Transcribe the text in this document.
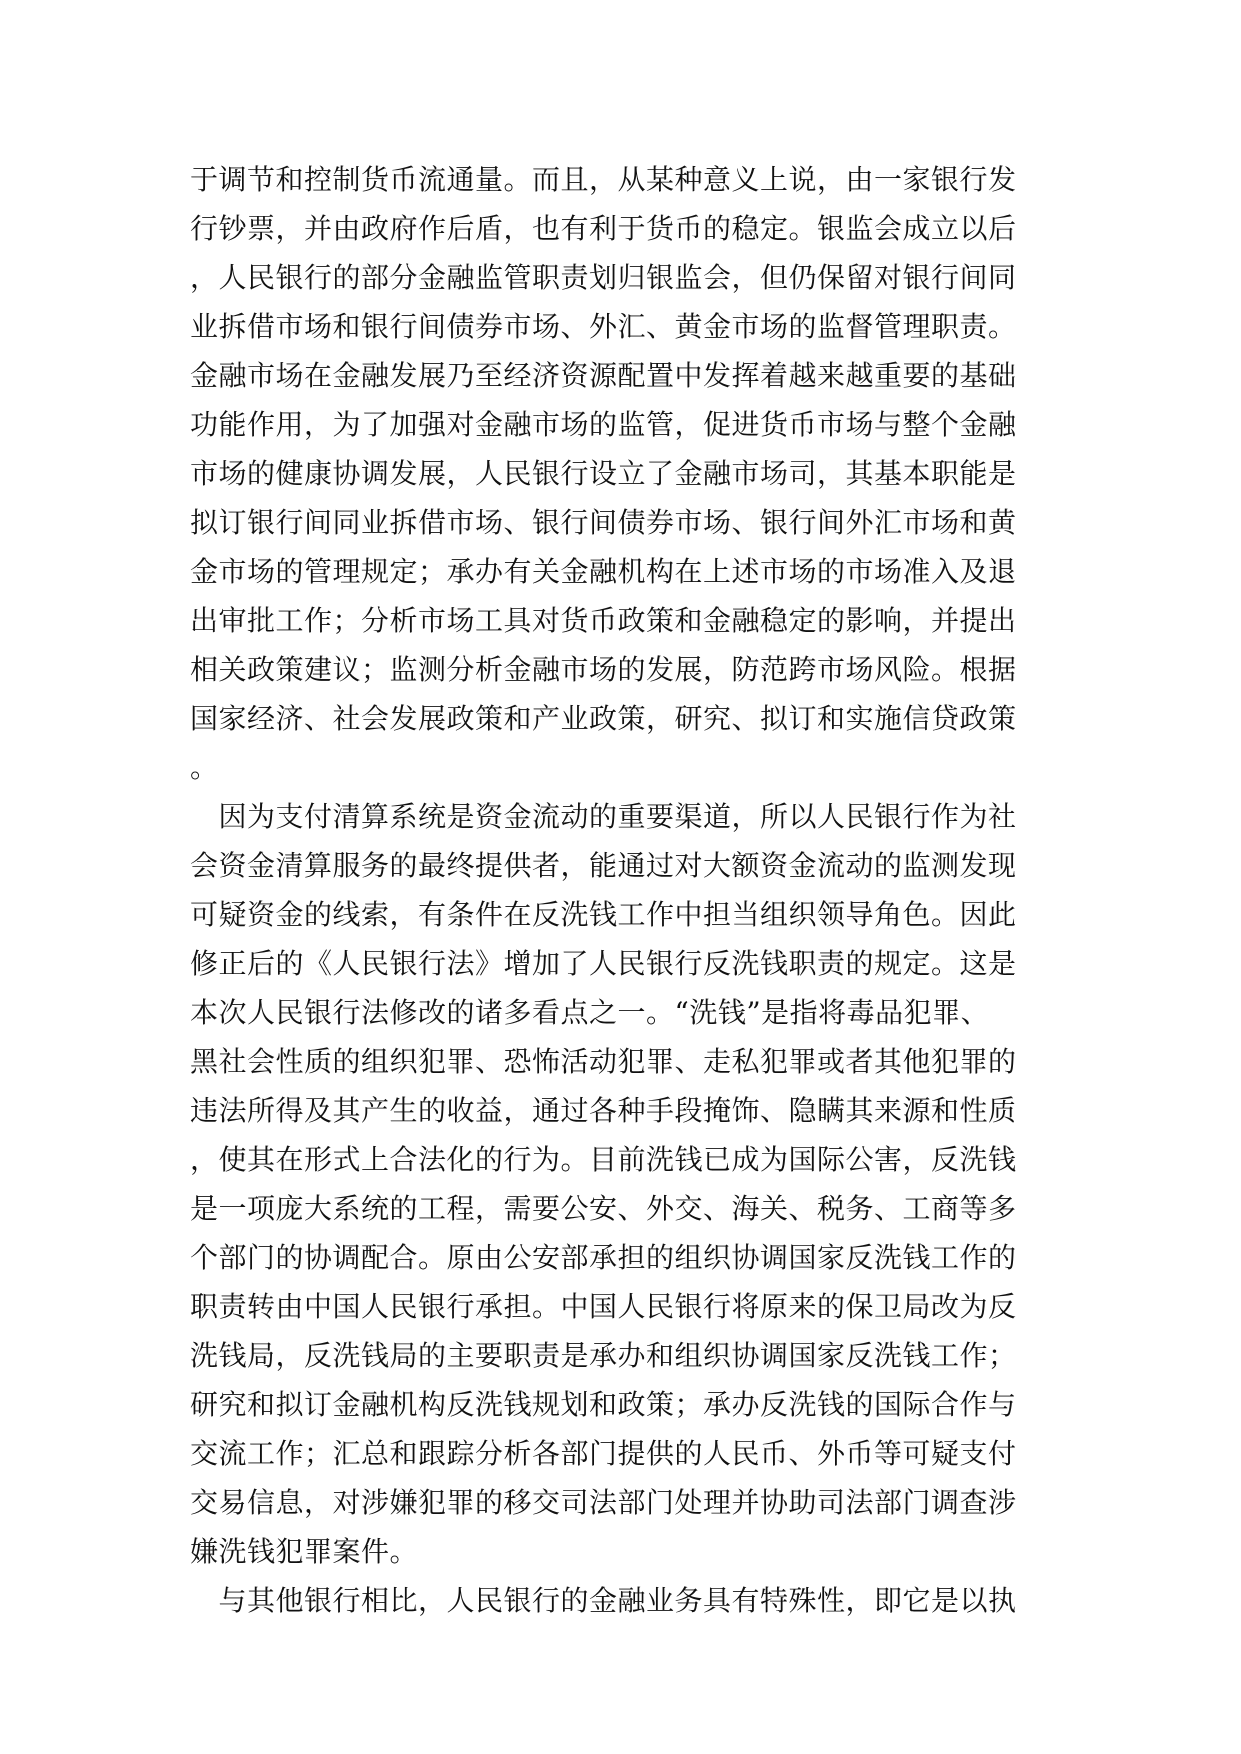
于调节和控制货币流通量。而且，从某种意义上说，由一家银行发
行钞票，并由政府作后盾，也有利于货币的稳定。银监会成立以后
，人民银行的部分金融监管职责划归银监会，但仍保留对银行间同
业拆借市场和银行间债券市场、外汇、黄金市场的监督管理职责。
金融市场在金融发展乃至经济资源配置中发挥着越来越重要的基础
功能作用，为了加强对金融市场的监管，促进货币市场与整个金融
市场的健康协调发展，人民银行设立了金融市场司，其基本职能是
拟订银行间同业拆借市场、银行间债券市场、银行间外汇市场和黄
金市场的管理规定；承办有关金融机构在上述市场的市场准入及退
出审批工作；分析市场工具对货币政策和金融稳定的影响，并提出
相关政策建议；监测分析金融市场的发展，防范跨市场风险。根据
国家经济、社会发展政策和产业政策，研究、拟订和实施信贷政策
。
　因为支付清算系统是资金流动的重要渠道，所以人民银行作为社
会资金清算服务的最终提供者，能通过对大额资金流动的监测发现
可疑资金的线索，有条件在反洗钱工作中担当组织领导角色。因此
修正后的《人民银行法》增加了人民银行反洗钱职责的规定。这是
本次人民银行法修改的诸多看点之一。“洗钱”是指将毒品犯罪、
黑社会性质的组织犯罪、恐怖活动犯罪、走私犯罪或者其他犯罪的
违法所得及其产生的收益，通过各种手段掩饰、隐瞒其来源和性质
，使其在形式上合法化的行为。目前洗钱已成为国际公害，反洗钱
是一项庞大系统的工程，需要公安、外交、海关、税务、工商等多
个部门的协调配合。原由公安部承担的组织协调国家反洗钱工作的
职责转由中国人民银行承担。中国人民银行将原来的保卫局改为反
洗钱局，反洗钱局的主要职责是承办和组织协调国家反洗钱工作；
研究和拟订金融机构反洗钱规划和政策；承办反洗钱的国际合作与
交流工作；汇总和跟踪分析各部门提供的人民币、外币等可疑支付
交易信息，对涉嫌犯罪的移交司法部门处理并协助司法部门调查涉
嫌洗钱犯罪案件。
　与其他银行相比，人民银行的金融业务具有特殊性，即它是以执
